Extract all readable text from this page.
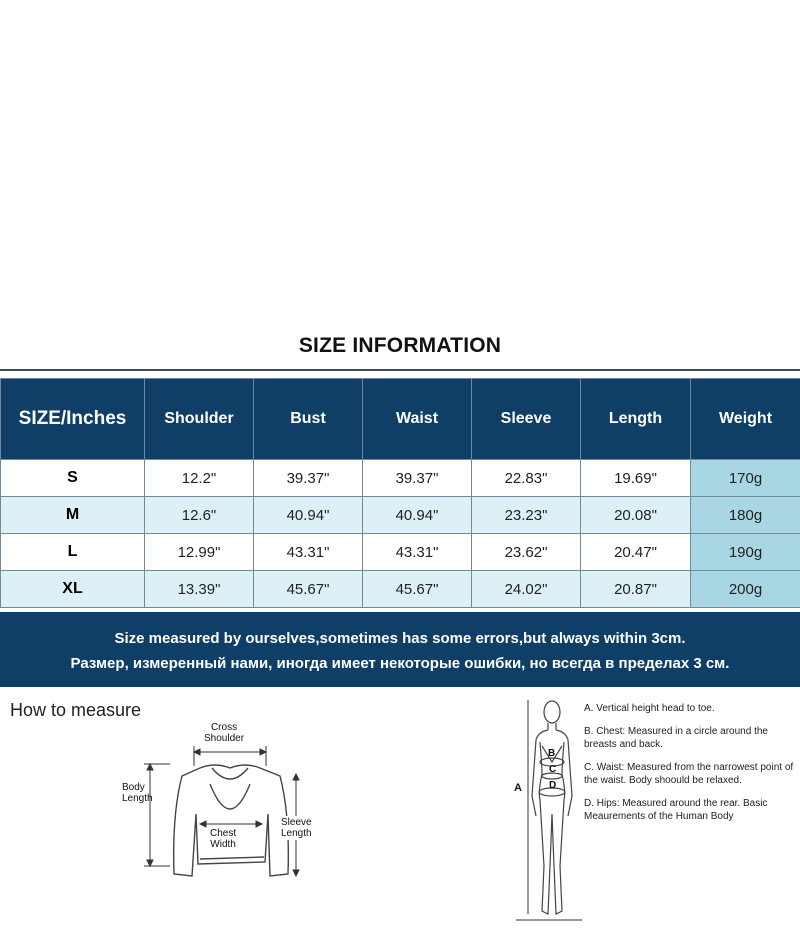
SIZE INFORMATION
SIZE/Inches	Shoulder	Bust	Waist	Sleeve	Length	Weight
S	12.2"	39.37"	39.37"	22.83"	19.69"	170g
M	12.6"	40.94"	40.94"	23.23"	20.08"	180g
L	12.99"	43.31"	43.31"	23.62"	20.47"	190g
XL	13.39"	45.67"	45.67"	24.02"	20.87"	200g
Size measured by ourselves,sometimes has some errors,but always within 3cm.
Размер, измеренный нами, иногда имеет некоторые ошибки, но всегда в пределах 3 см.
How to measure
Cross
Shoulder
Body
Length
Chest
Width
Sleeve
Length
A
B
C
D
A. Vertical height head to toe.
B. Chest: Measured in a circle around the breasts and back.
C. Waist: Measured from the narrowest point of the waist. Body shoould be relaxed.
D. Hips: Measured around the rear. Basic Meaurements of the Human Body
